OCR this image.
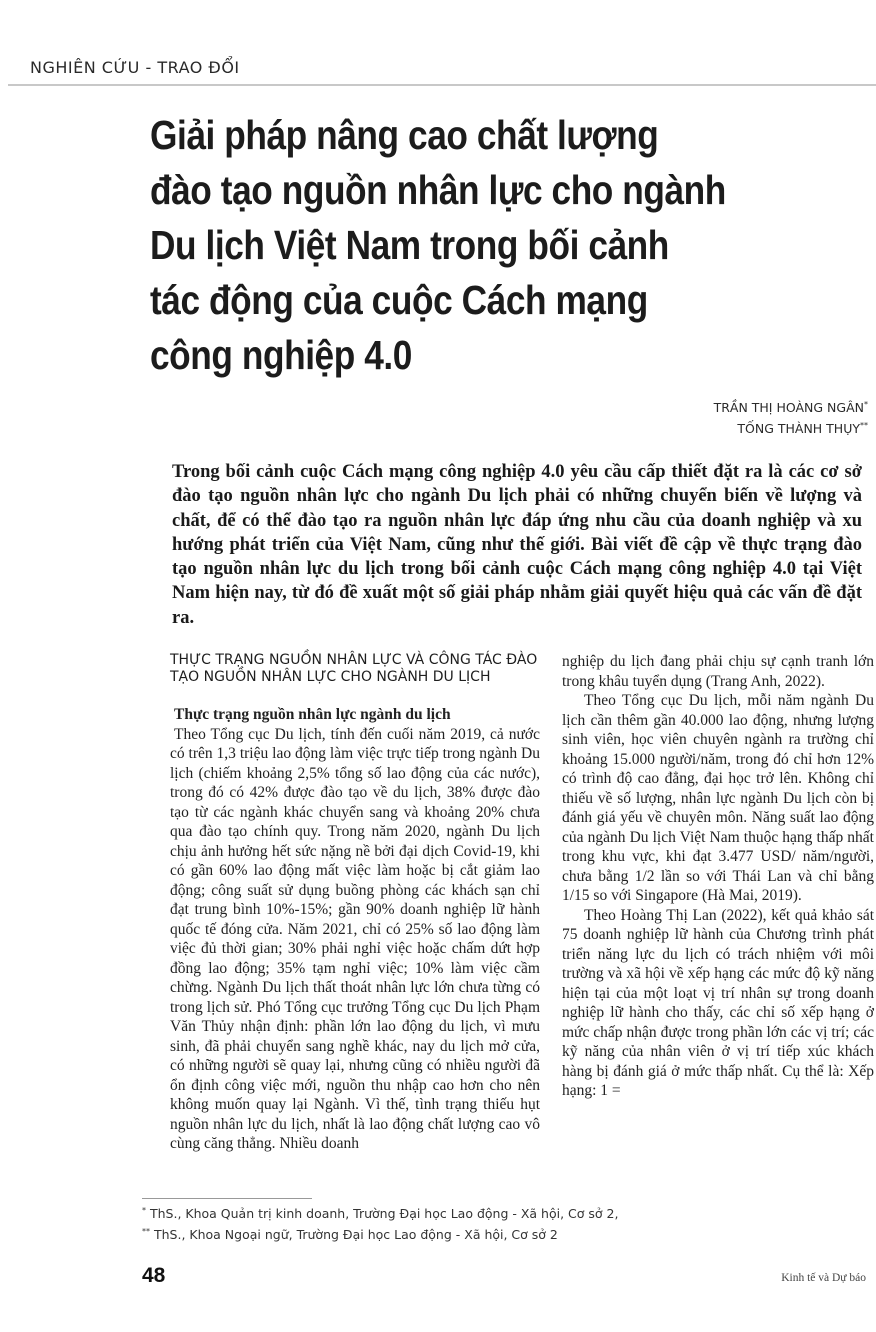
NGHIÊN CỨU - TRAO ĐỔI
Giải pháp nâng cao chất lượng
đào tạo nguồn nhân lực cho ngành
Du lịch Việt Nam trong bối cảnh
tác động của cuộc Cách mạng
công nghiệp 4.0
TRẦN THỊ HOÀNG NGÂN*
TỐNG THÀNH THỤY**
Trong bối cảnh cuộc Cách mạng công nghiệp 4.0 yêu cầu cấp thiết đặt ra là các cơ sở đào tạo nguồn nhân lực cho ngành Du lịch phải có những chuyển biến về lượng và chất, để có thể đào tạo ra nguồn nhân lực đáp ứng nhu cầu của doanh nghiệp và xu hướng phát triển của Việt Nam, cũng như thế giới. Bài viết đề cập về thực trạng đào tạo nguồn nhân lực du lịch trong bối cảnh cuộc Cách mạng công nghiệp 4.0 tại Việt Nam hiện nay, từ đó đề xuất một số giải pháp nhằm giải quyết hiệu quả các vấn đề đặt ra.
THỰC TRẠNG NGUỒN NHÂN LỰC VÀ CÔNG TÁC ĐÀO TẠO NGUỒN NHÂN LỰC CHO NGÀNH DU LỊCH

Thực trạng nguồn nhân lực ngành du lịch

Theo Tổng cục Du lịch, tính đến cuối năm 2019, cả nước có trên 1,3 triệu lao động làm việc trực tiếp trong ngành Du lịch (chiếm khoảng 2,5% tổng số lao động của các nước), trong đó có 42% được đào tạo về du lịch, 38% được đào tạo từ các ngành khác chuyển sang và khoảng 20% chưa qua đào tạo chính quy. Trong năm 2020, ngành Du lịch chịu ảnh hưởng hết sức nặng nề bởi đại dịch Covid-19, khi có gần 60% lao động mất việc làm hoặc bị cắt giảm lao động; công suất sử dụng buồng phòng các khách sạn chỉ đạt trung bình 10%-15%; gần 90% doanh nghiệp lữ hành quốc tế đóng cửa. Năm 2021, chỉ có 25% số lao động làm việc đủ thời gian; 30% phải nghỉ việc hoặc chấm dứt hợp đồng lao động; 35% tạm nghỉ việc; 10% làm việc cầm chừng. Ngành Du lịch thất thoát nhân lực lớn chưa từng có trong lịch sử. Phó Tổng cục trưởng Tổng cục Du lịch Phạm Văn Thủy nhận định: phần lớn lao động du lịch, vì mưu sinh, đã phải chuyển sang nghề khác, nay du lịch mở cửa, có những người sẽ quay lại, nhưng cũng có nhiều người đã ổn định công việc mới, nguồn thu nhập cao hơn cho nên không muốn quay lại Ngành. Vì thế, tình trạng thiếu hụt nguồn nhân lực du lịch, nhất là lao động chất lượng cao vô cùng căng thẳng. Nhiều doanh

nghiệp du lịch đang phải chịu sự cạnh tranh lớn trong khâu tuyển dụng (Trang Anh, 2022).

Theo Tổng cục Du lịch, mỗi năm ngành Du lịch cần thêm gần 40.000 lao động, nhưng lượng sinh viên, học viên chuyên ngành ra trường chỉ khoảng 15.000 người/năm, trong đó chỉ hơn 12% có trình độ cao đẳng, đại học trở lên. Không chỉ thiếu về số lượng, nhân lực ngành Du lịch còn bị đánh giá yếu về chuyên môn. Năng suất lao động của ngành Du lịch Việt Nam thuộc hạng thấp nhất trong khu vực, khi đạt 3.477 USD/ năm/người, chưa bằng 1/2 lần so với Thái Lan và chỉ bằng 1/15 so với Singapore (Hà Mai, 2019).

Theo Hoàng Thị Lan (2022), kết quả khảo sát 75 doanh nghiệp lữ hành của Chương trình phát triển năng lực du lịch có trách nhiệm với môi trường và xã hội về xếp hạng các mức độ kỹ năng hiện tại của một loạt vị trí nhân sự trong doanh nghiệp lữ hành cho thấy, các chỉ số xếp hạng ở mức chấp nhận được trong phần lớn các vị trí; các kỹ năng của nhân viên ở vị trí tiếp xúc khách hàng bị đánh giá ở mức thấp nhất. Cụ thể là: Xếp hạng: 1 =

* ThS., Khoa Quản trị kinh doanh, Trường Đại học Lao động - Xã hội, Cơ sở 2,
** ThS., Khoa Ngoại ngữ, Trường Đại học Lao động - Xã hội, Cơ sở 2
48	Kinh tế và Dự báo
